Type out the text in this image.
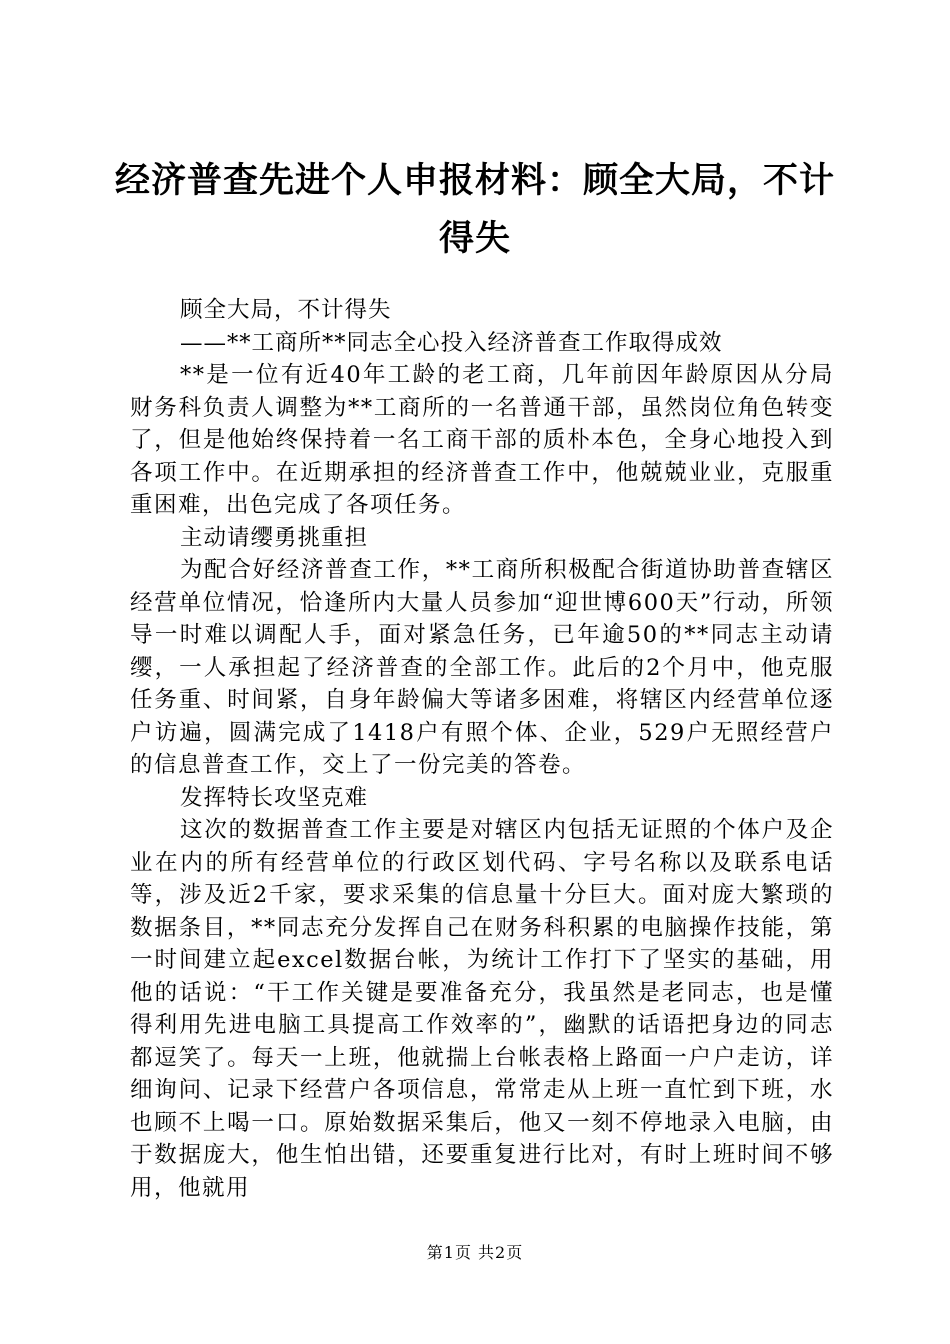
经济普查先进个人申报材料：顾全大局，不计得失

顾全大局，不计得失

——**工商所**同志全心投入经济普查工作取得成效

**是一位有近40年工龄的老工商，几年前因年龄原因从分局财务科负责人调整为**工商所的一名普通干部，虽然岗位角色转变了，但是他始终保持着一名工商干部的质朴本色，全身心地投入到各项工作中。在近期承担的经济普查工作中，他兢兢业业，克服重重困难，出色完成了各项任务。

主动请缨勇挑重担

为配合好经济普查工作，**工商所积极配合街道协助普查辖区经营单位情况，恰逢所内大量人员参加“迎世博600天”行动，所领导一时难以调配人手，面对紧急任务，已年逾50的**同志主动请缨，一人承担起了经济普查的全部工作。此后的2个月中，他克服任务重、时间紧，自身年龄偏大等诸多困难，将辖区内经营单位逐户访遍，圆满完成了1418户有照个体、企业，529户无照经营户的信息普查工作，交上了一份完美的答卷。

发挥特长攻坚克难

这次的数据普查工作主要是对辖区内包括无证照的个体户及企业在内的所有经营单位的行政区划代码、字号名称以及联系电话等，涉及近2千家，要求采集的信息量十分巨大。面对庞大繁琐的数据条目，**同志充分发挥自己在财务科积累的电脑操作技能，第一时间建立起excel数据台帐，为统计工作打下了坚实的基础，用他的话说：“干工作关键是要准备充分，我虽然是老同志，也是懂得利用先进电脑工具提高工作效率的”，幽默的话语把身边的同志都逗笑了。每天一上班，他就揣上台帐表格上路面一户户走访，详细询问、记录下经营户各项信息，常常走从上班一直忙到下班，水也顾不上喝一口。原始数据采集后，他又一刻不停地录入电脑，由于数据庞大，他生怕出错，还要重复进行比对，有时上班时间不够用，他就用

第1页 共2页
